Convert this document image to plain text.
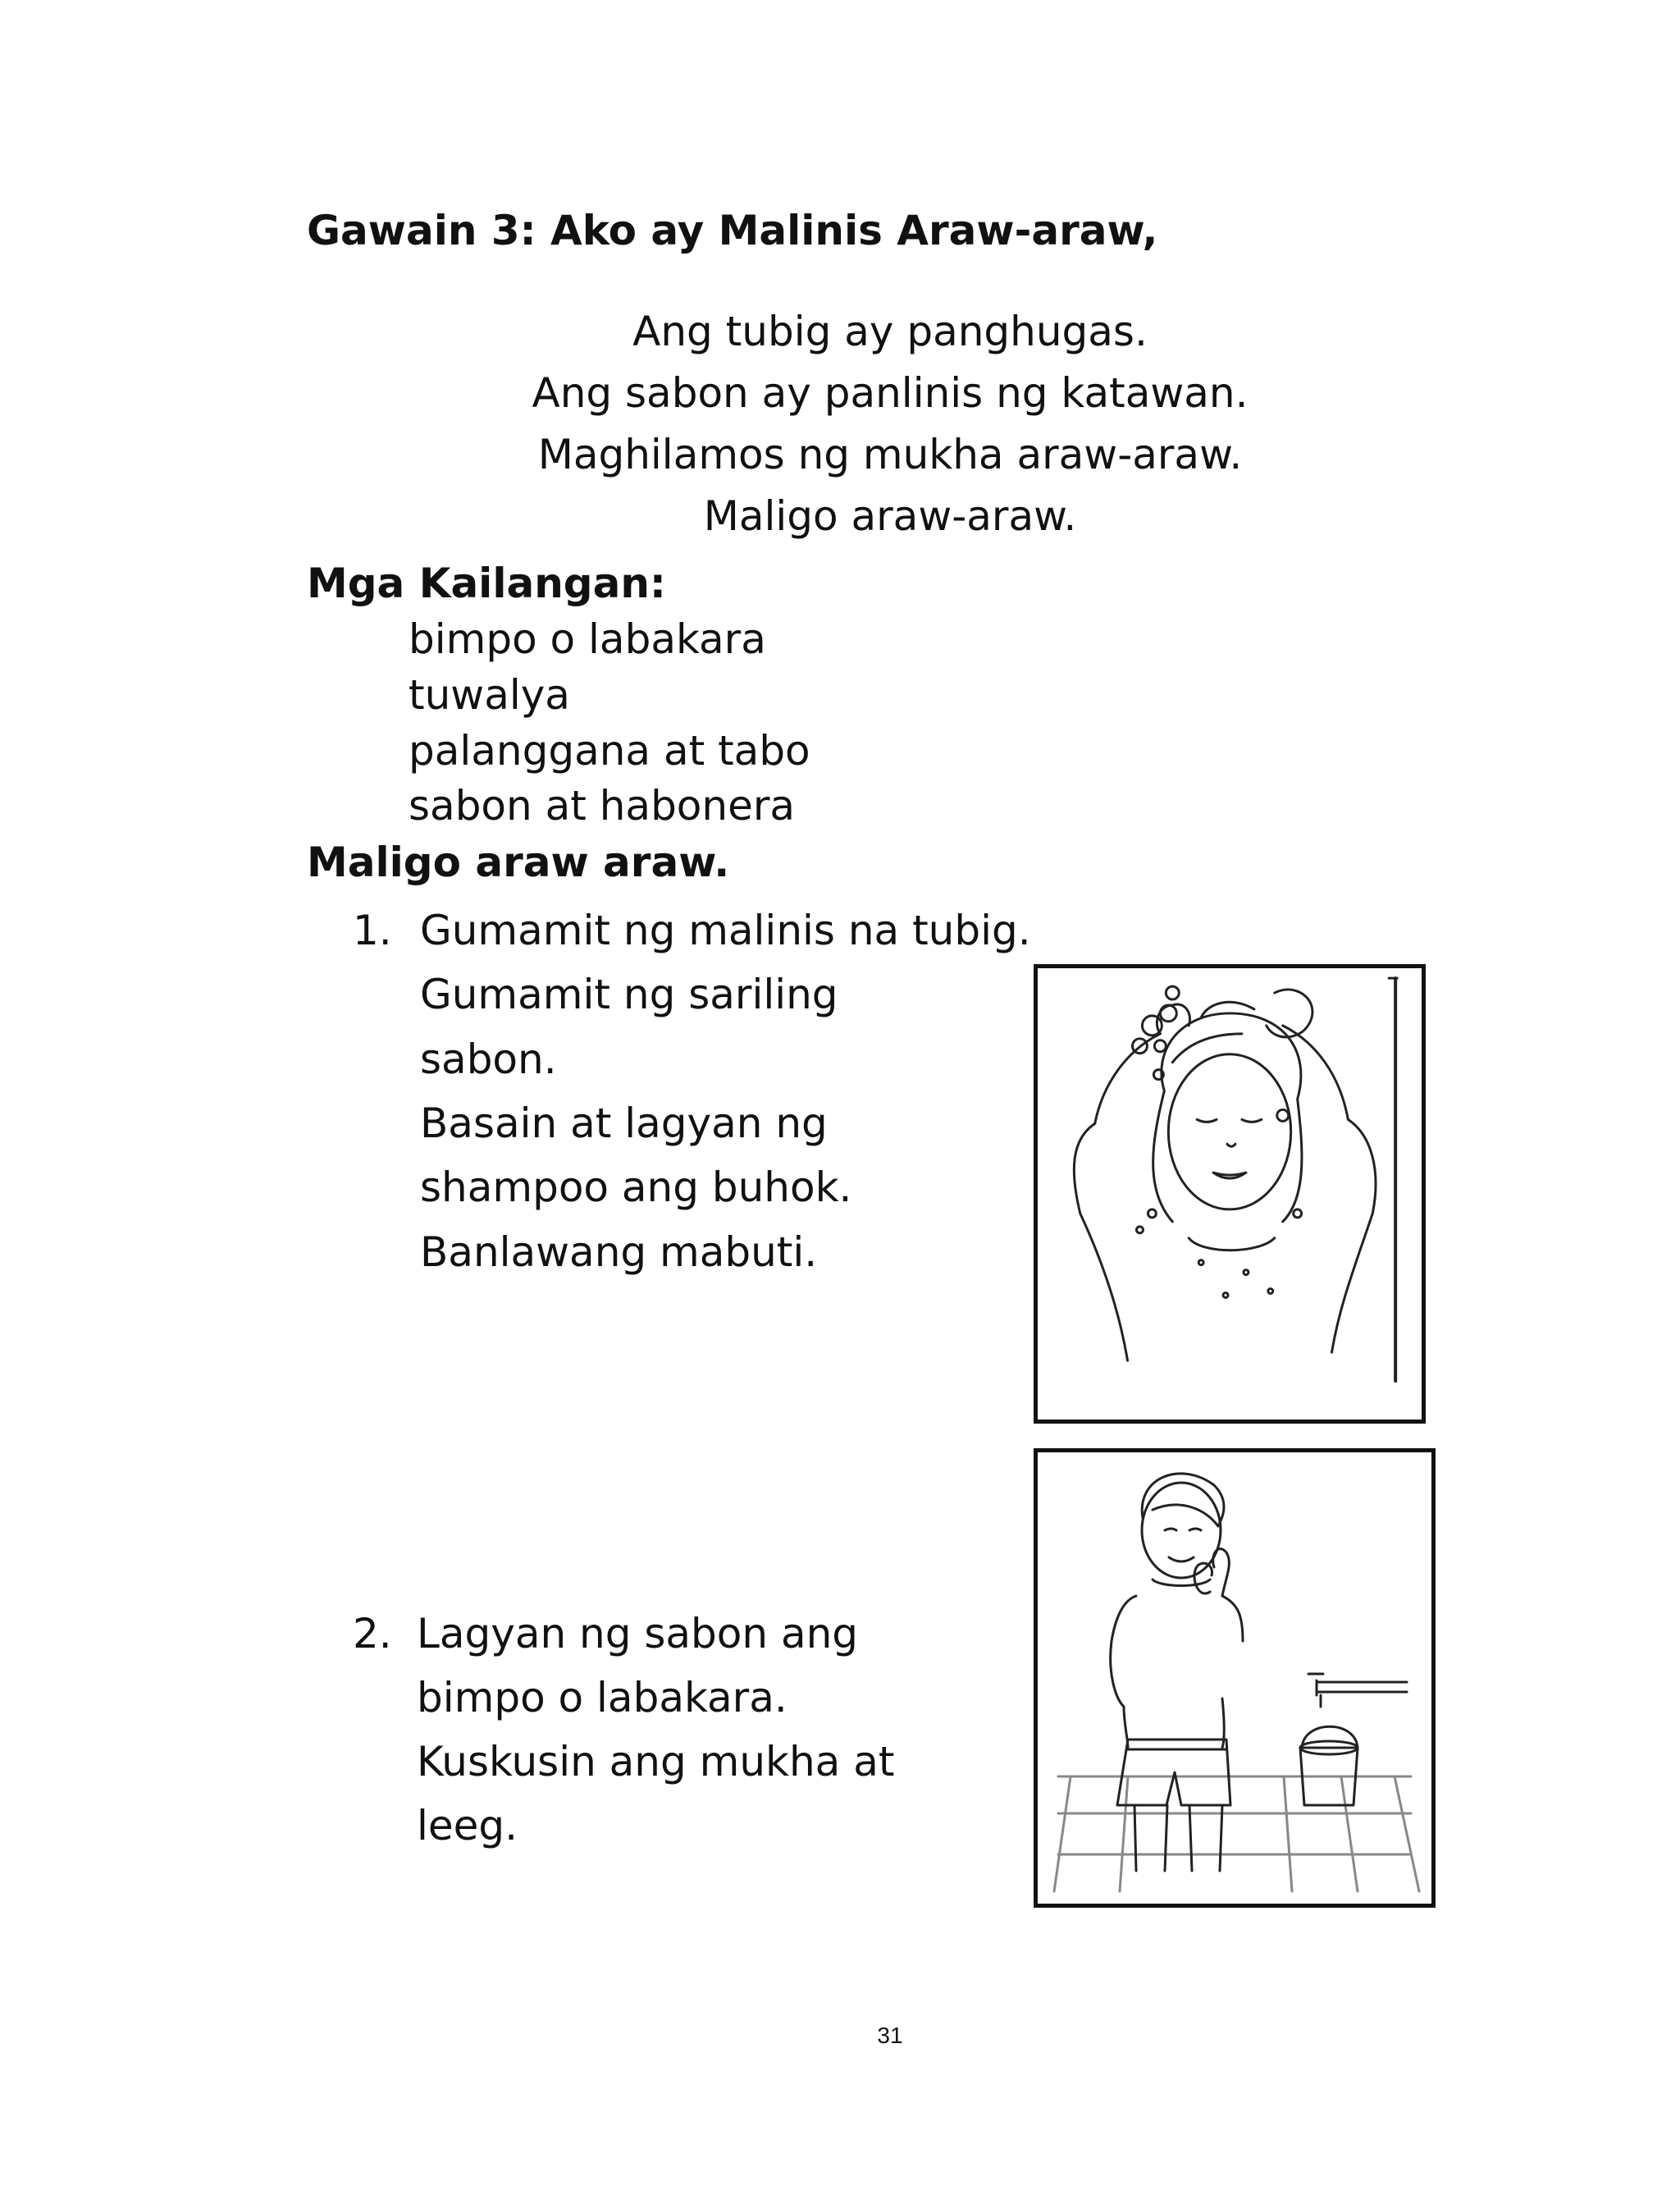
Gawain 3: Ako ay Malinis Araw-araw,
Ang tubig ay panghugas.
Ang sabon ay panlinis ng katawan.
Maghilamos ng mukha araw-araw.
Maligo araw-araw.
Mga Kailangan:
bimpo o labakara
tuwalya
palanggana at tabo
sabon at habonera
Maligo araw araw.
1. Gumamit ng malinis na tubig.
Gumamit ng sariling
sabon.
Basain at lagyan ng
shampoo ang buhok.
Banlawang mabuti.
2. Lagyan ng sabon ang
bimpo o labakara.
Kuskusin ang mukha at
leeg.
31
